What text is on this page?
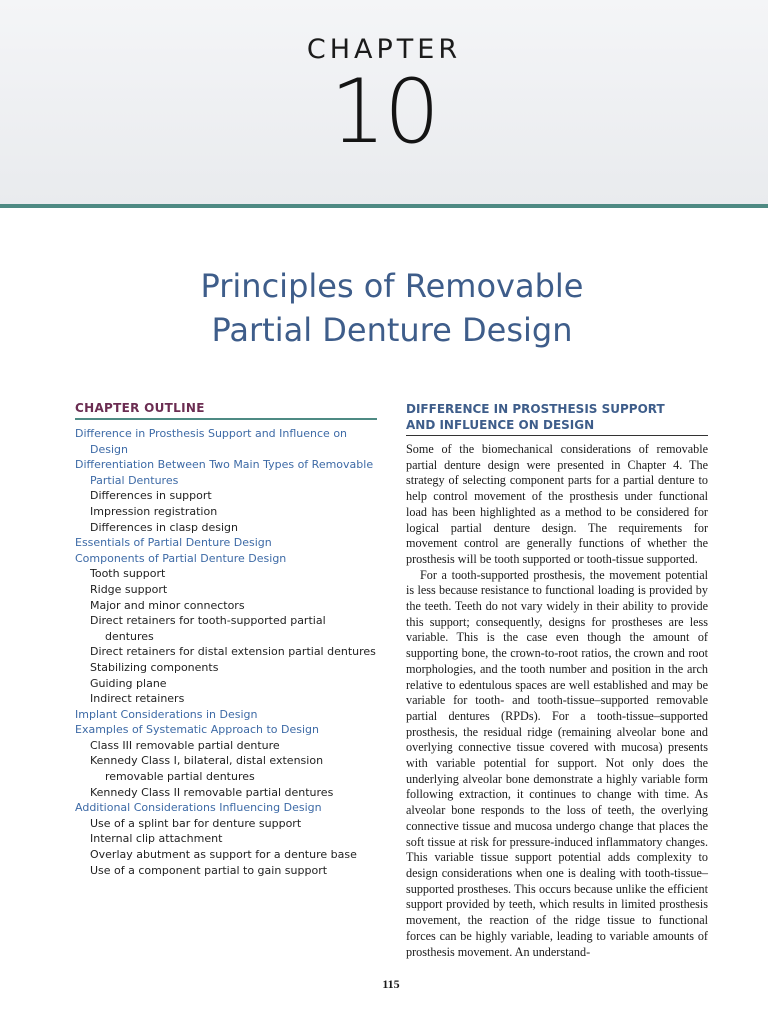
CHAPTER
10
Principles of Removable
Partial Denture Design
CHAPTER OUTLINE
Difference in Prosthesis Support and Influence on Design
Differentiation Between Two Main Types of Removable Partial Dentures
Differences in support
Impression registration
Differences in clasp design
Essentials of Partial Denture Design
Components of Partial Denture Design
Tooth support
Ridge support
Major and minor connectors
Direct retainers for tooth-supported partial dentures
Direct retainers for distal extension partial dentures
Stabilizing components
Guiding plane
Indirect retainers
Implant Considerations in Design
Examples of Systematic Approach to Design
Class III removable partial denture
Kennedy Class I, bilateral, distal extension removable partial dentures
Kennedy Class II removable partial dentures
Additional Considerations Influencing Design
Use of a splint bar for denture support
Internal clip attachment
Overlay abutment as support for a denture base
Use of a component partial to gain support
DIFFERENCE IN PROSTHESIS SUPPORT
AND INFLUENCE ON DESIGN

Some of the biomechanical considerations of removable partial denture design were presented in Chapter 4. The strategy of selecting component parts for a partial denture to help control movement of the prosthesis under functional load has been highlighted as a method to be considered for logical partial denture design. The requirements for movement control are generally functions of whether the prosthesis will be tooth supported or tooth-tissue supported.

For a tooth-supported prosthesis, the movement potential is less because resistance to functional loading is provided by the teeth. Teeth do not vary widely in their ability to provide this support; consequently, designs for prostheses are less variable. This is the case even though the amount of supporting bone, the crown-to-root ratios, the crown and root morphologies, and the tooth number and position in the arch relative to edentulous spaces are well established and may be variable for tooth- and tooth-tissue–supported removable partial dentures (RPDs). For a tooth-tissue–supported prosthesis, the residual ridge (remaining alveolar bone and overlying connective tissue covered with mucosa) presents with variable potential for support. Not only does the underlying alveolar bone demonstrate a highly variable form following extraction, it continues to change with time. As alveolar bone responds to the loss of teeth, the overlying connective tissue and mucosa undergo change that places the soft tissue at risk for pressure-induced inflammatory changes. This variable tissue support potential adds complexity to design considerations when one is dealing with tooth-tissue–supported prostheses. This occurs because unlike the efficient support provided by teeth, which results in limited prosthesis movement, the reaction of the ridge tissue to functional forces can be highly variable, leading to variable amounts of prosthesis movement. An understand-

115
